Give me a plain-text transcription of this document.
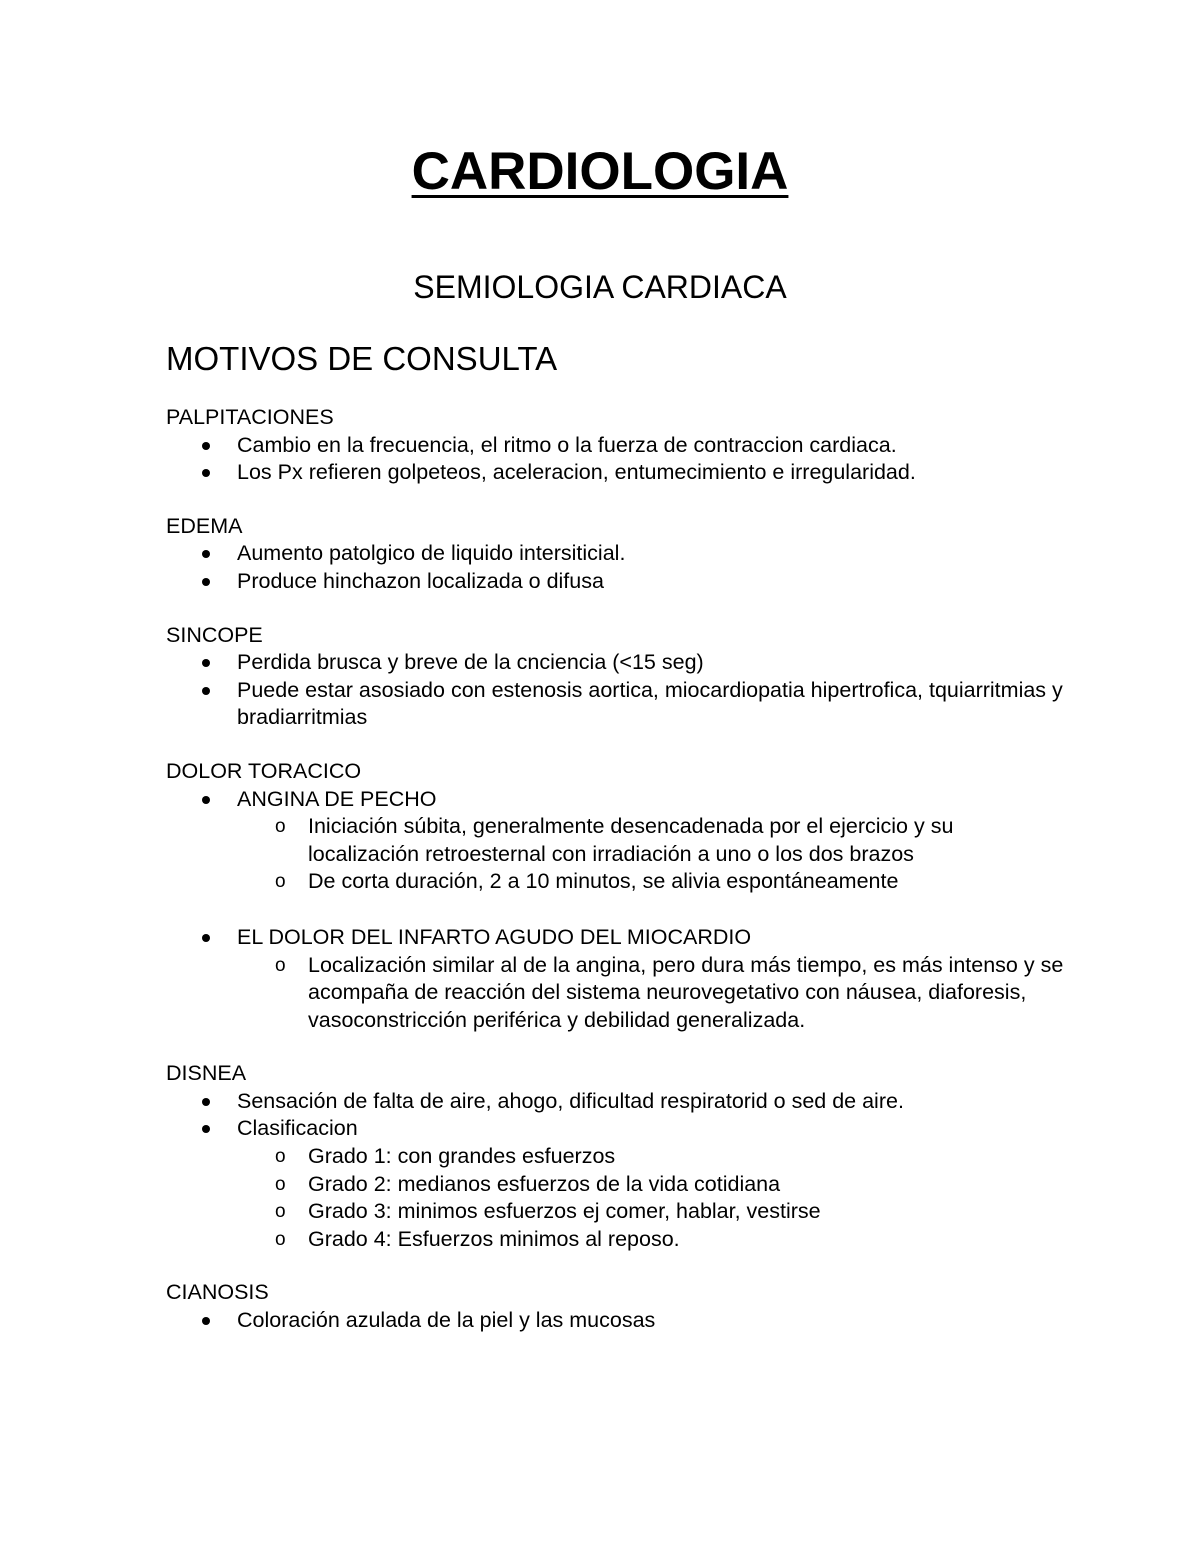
CARDIOLOGIA
SEMIOLOGIA CARDIACA
MOTIVOS DE CONSULTA
PALPITACIONES
Cambio en la frecuencia, el ritmo o la fuerza de contraccion cardiaca.
Los Px refieren golpeteos, aceleracion, entumecimiento e irregularidad.
EDEMA
Aumento patolgico de liquido intersiticial.
Produce hinchazon localizada o difusa
SINCOPE
Perdida brusca y breve de la cnciencia (<15 seg)
Puede estar asosiado con estenosis aortica, miocardiopatia hipertrofica, tquiarritmias y bradiarritmias
DOLOR TORACICO
ANGINA DE PECHO
o Iniciación súbita, generalmente desencadenada por el ejercicio y su localización retroesternal con irradiación a uno o los dos brazos
o De corta duración, 2 a 10 minutos, se alivia espontáneamente
EL DOLOR DEL INFARTO AGUDO DEL MIOCARDIO
o Localización similar al de la angina, pero dura más tiempo, es más intenso y se acompaña de reacción del sistema neurovegetativo con náusea, diaforesis, vasoconstricción periférica y debilidad generalizada.
DISNEA
Sensación de falta de aire, ahogo, dificultad respiratorid o sed de aire.
Clasificacion
o Grado 1: con grandes esfuerzos
o Grado 2: medianos esfuerzos de la vida cotidiana
o Grado 3: minimos esfuerzos ej comer, hablar, vestirse
o Grado 4: Esfuerzos minimos al reposo.
CIANOSIS
Coloración azulada de la piel y las mucosas
